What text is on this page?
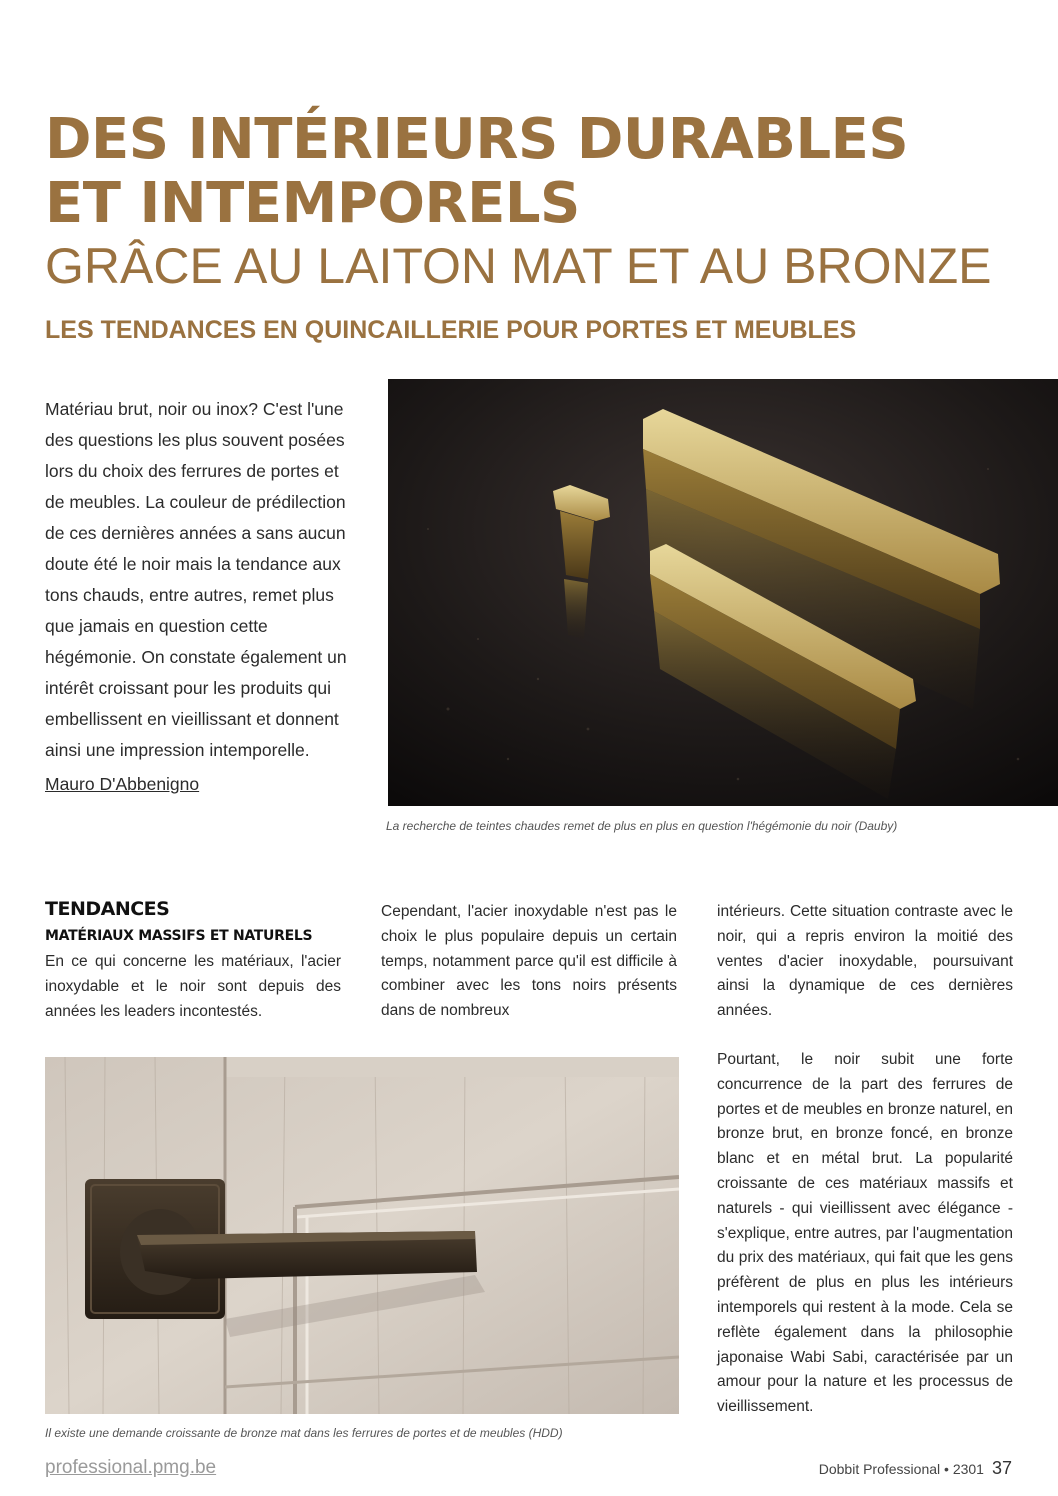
DES INTÉRIEURS DURABLES
ET INTEMPORELS
GRÂCE AU LAITON MAT ET AU BRONZE
LES TENDANCES EN QUINCAILLERIE POUR PORTES ET MEUBLES

Matériau brut, noir ou inox? C'est l'une des questions les plus souvent posées lors du choix des ferrures de portes et de meubles. La couleur de prédilection de ces dernières années a sans aucun doute été le noir mais la tendance aux tons chauds, entre autres, remet plus que jamais en question cette hégémonie. On constate également un intérêt croissant pour les produits qui embellissent en vieillissant et donnent ainsi une impression intemporelle.

Mauro D'Abbenigno
La recherche de teintes chaudes remet de plus en plus en question l'hégémonie du noir (Dauby)
TENDANCES
MATÉRIAUX MASSIFS ET NATURELS

En ce qui concerne les matériaux, l'acier inoxydable et le noir sont depuis des années les leaders incontestés.

Cependant, l'acier inoxydable n'est pas le choix le plus populaire depuis un certain temps, notamment parce qu'il est difficile à combiner avec les tons noirs présents dans de nombreux

intérieurs. Cette situation contraste avec le noir, qui a repris environ la moitié des ventes d'acier inoxydable, poursuivant ainsi la dynamique de ces dernières années.

Pourtant, le noir subit une forte concurrence de la part des ferrures de portes et de meubles en bronze naturel, en bronze brut, en bronze foncé, en bronze blanc et en métal brut. La popularité croissante de ces matériaux massifs et naturels - qui vieillissent avec élégance - s'explique, entre autres, par l'augmentation du prix des matériaux, qui fait que les gens préfèrent de plus en plus les intérieurs intemporels qui restent à la mode. Cela se reflète également dans la philosophie japonaise Wabi Sabi, caractérisée par un amour pour la nature et les processus de vieillissement.

Il existe une demande croissante de bronze mat dans les ferrures de portes et de meubles (HDD)
professional.pmg.be	Dobbit Professional • 2301 37
